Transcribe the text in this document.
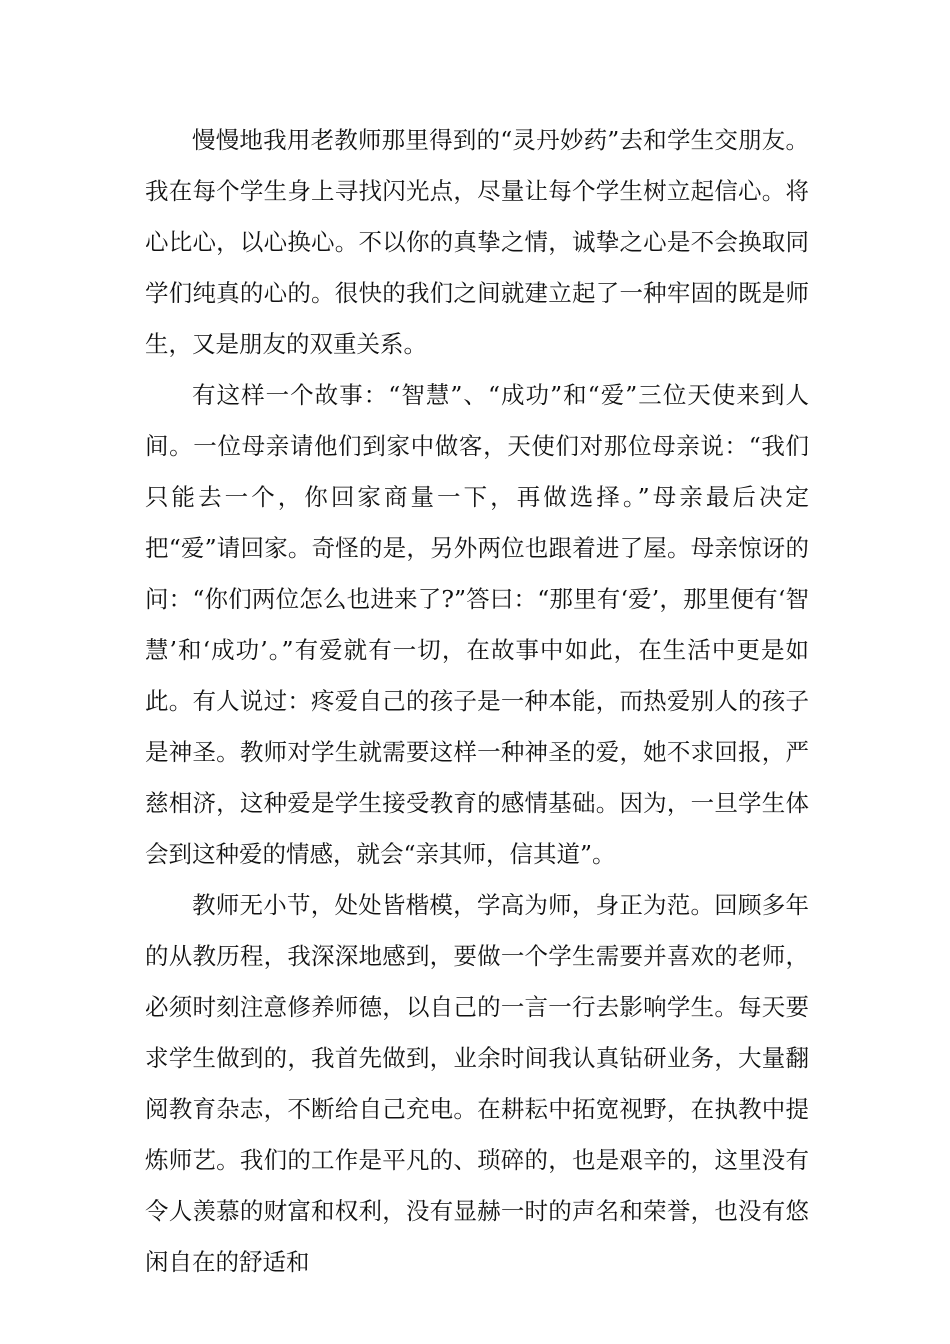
慢慢地我用老教师那里得到的“灵丹妙药”去和学生交朋友。我在每个学生身上寻找闪光点，尽量让每个学生树立起信心。将心比心，以心换心。不以你的真挚之情，诚挚之心是不会换取同学们纯真的心的。很快的我们之间就建立起了一种牢固的既是师生，又是朋友的双重关系。

有这样一个故事：“智慧”、“成功”和“爱”三位天使来到人间。一位母亲请他们到家中做客，天使们对那位母亲说：“我们只能去一个，你回家商量一下，再做选择。”母亲最后决定把“爱”请回家。奇怪的是，另外两位也跟着进了屋。母亲惊讶的问：“你们两位怎么也进来了?”答曰：“那里有‘爱’，那里便有‘智慧’和‘成功’。”有爱就有一切，在故事中如此，在生活中更是如此。有人说过：疼爱自己的孩子是一种本能，而热爱别人的孩子是神圣。教师对学生就需要这样一种神圣的爱，她不求回报，严慈相济，这种爱是学生接受教育的感情基础。因为，一旦学生体会到这种爱的情感，就会“亲其师，信其道”。

教师无小节，处处皆楷模，学高为师，身正为范。回顾多年的从教历程，我深深地感到，要做一个学生需要并喜欢的老师，必须时刻注意修养师德，以自己的一言一行去影响学生。每天要求学生做到的，我首先做到，业余时间我认真钻研业务，大量翻阅教育杂志，不断给自己充电。在耕耘中拓宽视野，在执教中提炼师艺。我们的工作是平凡的、琐碎的，也是艰辛的，这里没有令人羡慕的财富和权利，没有显赫一时的声名和荣誉，也没有悠闲自在的舒适和
